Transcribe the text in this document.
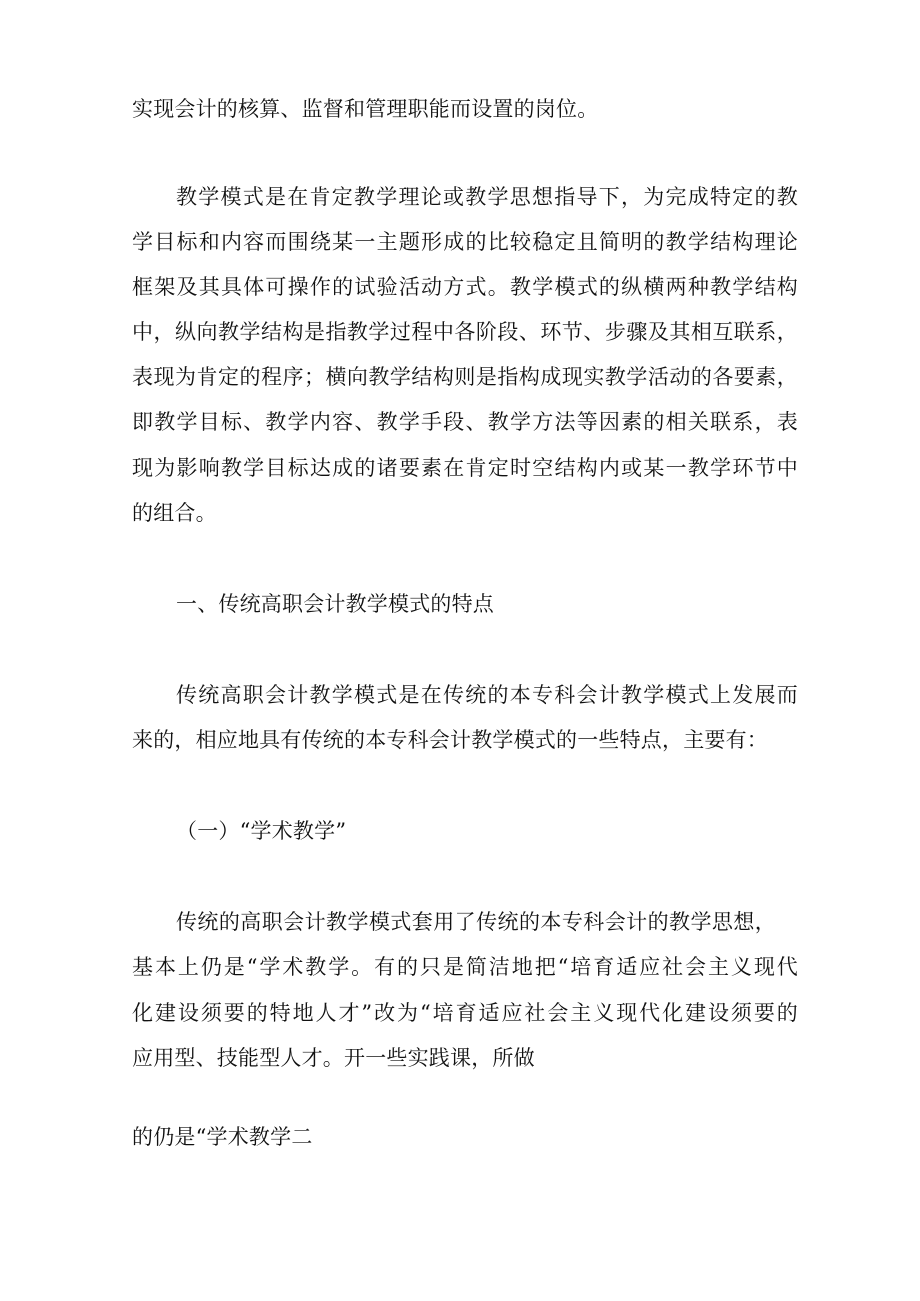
实现会计的核算、监督和管理职能而设置的岗位。
教学模式是在肯定教学理论或教学思想指导下，为完成特定的教
学目标和内容而围绕某一主题形成的比较稳定且简明的教学结构理论
框架及其具体可操作的试验活动方式。教学模式的纵横两种教学结构
中，纵向教学结构是指教学过程中各阶段、环节、步骤及其相互联系，
表现为肯定的程序；横向教学结构则是指构成现实教学活动的各要素，
即教学目标、教学内容、教学手段、教学方法等因素的相关联系，表
现为影响教学目标达成的诸要素在肯定时空结构内或某一教学环节中
的组合。
一、传统高职会计教学模式的特点
传统高职会计教学模式是在传统的本专科会计教学模式上发展而
来的，相应地具有传统的本专科会计教学模式的一些特点，主要有：
（一）“学术教学”
传统的高职会计教学模式套用了传统的本专科会计的教学思想，
基本上仍是“学术教学。有的只是简洁地把“培育适应社会主义现代
化建设须要的特地人才”改为“培育适应社会主义现代化建设须要的
应用型、技能型人才。开一些实践课，所做
的仍是“学术教学二
